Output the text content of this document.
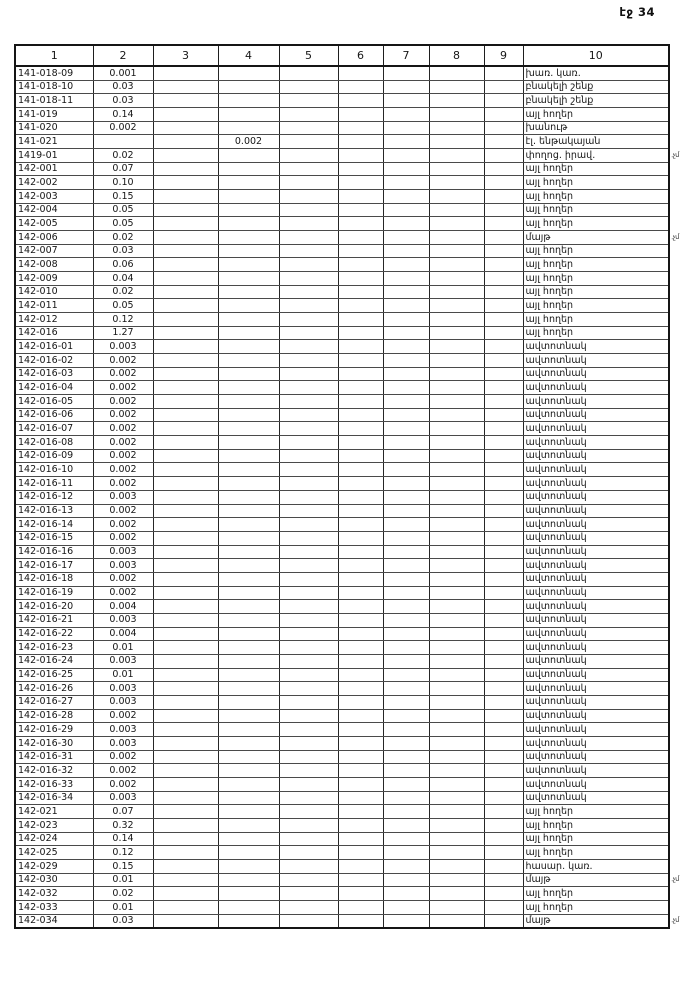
էջ 34
1	2	3	4	5	6	7	8	9	10
141-018-09	0.001								խառ. կառ.
141-018-10	0.03								բնակելի շենք
141-018-11	0.03								բնակելի շենք
141-019	0.14								այլ հողեր
141-020	0.002								խանութ
141-021			0.002						էլ. ենթակայան
1419-01	0.02								փողոց. իրավ.
142-001	0.07								այլ հողեր
142-002	0.10								այլ հողեր
142-003	0.15								այլ հողեր
142-004	0.05								այլ հողեր
142-005	0.05								այլ հողեր
142-006	0.02								մայթ
142-007	0.03								այլ հողեր
142-008	0.06								այլ հողեր
142-009	0.04								այլ հողեր
142-010	0.02								այլ հողեր
142-011	0.05								այլ հողեր
142-012	0.12								այլ հողեր
142-016	1.27								այլ հողեր
142-016-01	0.003								ավտոտնակ
142-016-02	0.002								ավտոտնակ
142-016-03	0.002								ավտոտնակ
142-016-04	0.002								ավտոտնակ
142-016-05	0.002								ավտոտնակ
142-016-06	0.002								ավտոտնակ
142-016-07	0.002								ավտոտնակ
142-016-08	0.002								ավտոտնակ
142-016-09	0.002								ավտոտնակ
142-016-10	0.002								ավտոտնակ
142-016-11	0.002								ավտոտնակ
142-016-12	0.003								ավտոտնակ
142-016-13	0.002								ավտոտնակ
142-016-14	0.002								ավտոտնակ
142-016-15	0.002								ավտոտնակ
142-016-16	0.003								ավտոտնակ
142-016-17	0.003								ավտոտնակ
142-016-18	0.002								ավտոտնակ
142-016-19	0.002								ավտոտնակ
142-016-20	0.004								ավտոտնակ
142-016-21	0.003								ավտոտնակ
142-016-22	0.004								ավտոտնակ
142-016-23	0.01								ավտոտնակ
142-016-24	0.003								ավտոտնակ
142-016-25	0.01								ավտոտնակ
142-016-26	0.003								ավտոտնակ
142-016-27	0.003								ավտոտնակ
142-016-28	0.002								ավտոտնակ
142-016-29	0.003								ավտոտնակ
142-016-30	0.003								ավտոտնակ
142-016-31	0.002								ավտոտնակ
142-016-32	0.002								ավտոտնակ
142-016-33	0.002								ավտոտնակ
142-016-34	0.003								ավտոտնակ
142-021	0.07								այլ հողեր
142-023	0.32								այլ հողեր
142-024	0.14								այլ հողեր
142-025	0.12								այլ հողեր
142-029	0.15								հասար. կառ.
142-030	0.01								մայթ
142-032	0.02								այլ հողեր
142-033	0.01								այլ հողեր
142-034	0.03								մայթ
.չմ
.չմ
.չմ
.չմ
